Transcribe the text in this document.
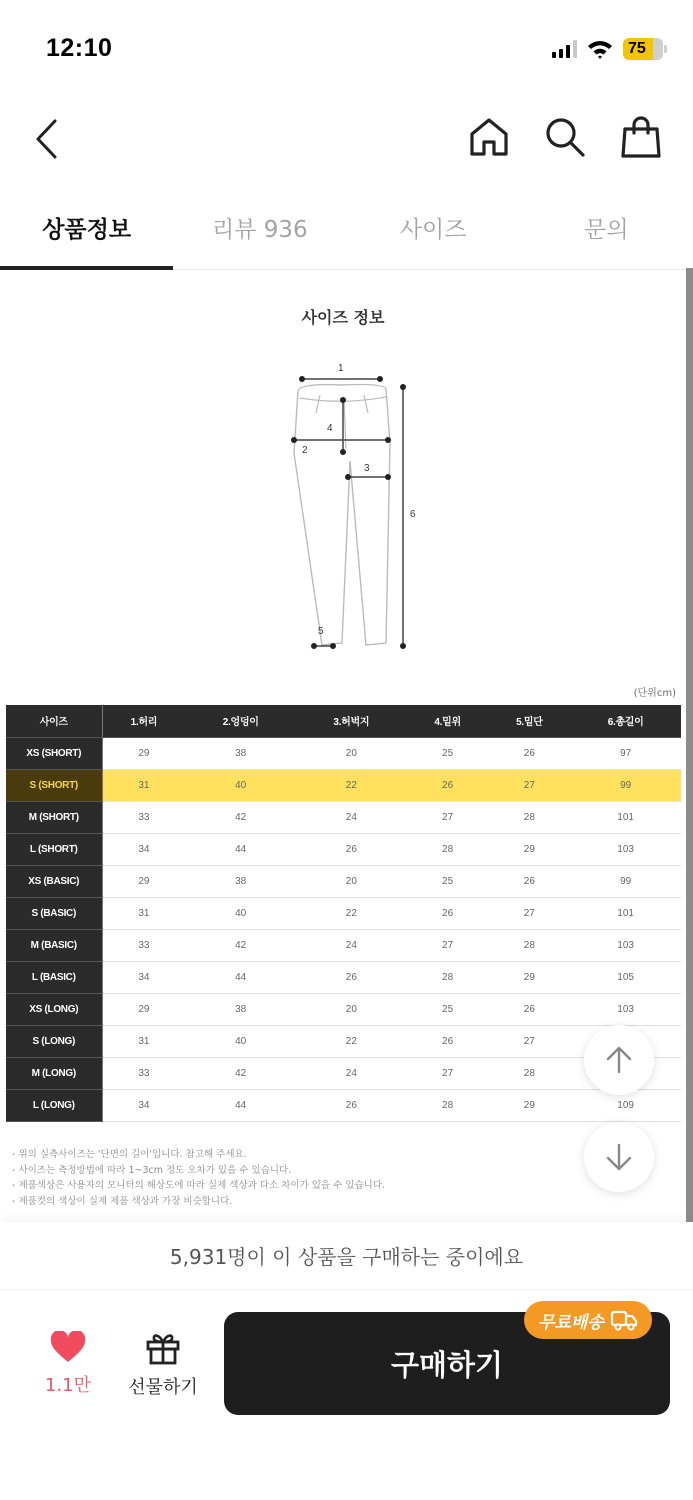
12:10	75
상품정보	리뷰 936	사이즈	문의
사이즈 정보
1
2
3
4
5
6
(단위cm)
사이즈	1.허리	2.엉덩이	3.허벅지	4.밑위	5.밑단	6.총길이
XS (SHORT)	29	38	20	25	26	97
S (SHORT)	31	40	22	26	27	99
M (SHORT)	33	42	24	27	28	101
L (SHORT)	34	44	26	28	29	103
XS (BASIC)	29	38	20	25	26	99
S (BASIC)	31	40	22	26	27	101
M (BASIC)	33	42	24	27	28	103
L (BASIC)	34	44	26	28	29	105
XS (LONG)	29	38	20	25	26	103
S (LONG)	31	40	22	26	27	
M (LONG)	33	42	24	27	28	
L (LONG)	34	44	26	28	29	109
- 위의 실측사이즈는 '단면의 길이'입니다. 참고해 주세요.
- 사이즈는 측정방법에 따라 1~3cm 정도 오차가 있을 수 있습니다.
- 제품색상은 사용자의 모니터의 해상도에 따라 실제 색상과 다소 차이가 있을 수 있습니다.
- 제품컷의 색상이 실제 제품 색상과 가장 비슷합니다.
5,931명이 이 상품을 구매하는 중이에요
1.1만	선물하기
구매하기
무료배송
